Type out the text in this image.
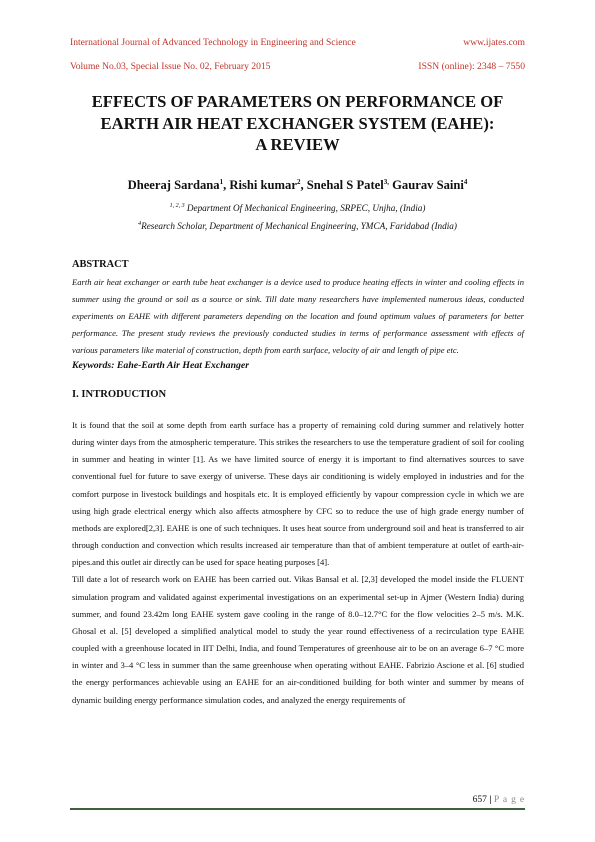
International Journal of Advanced Technology in Engineering and Science	www.ijates.com
Volume No.03, Special Issue No. 02, February 2015	ISSN (online): 2348 – 7550
EFFECTS OF PARAMETERS ON PERFORMANCE OF
EARTH AIR HEAT EXCHANGER SYSTEM (EAHE):
A REVIEW
Dheeraj Sardana$^1$, Rishi kumar$^2$, Snehal S Patel$^{3,}$ Gaurav Saini$^4$
$^{1, 2, 3}$ Department Of Mechanical Engineering, SRPEC, Unjha, (India)
$^4$Research Scholar, Department of Mechanical Engineering, YMCA, Faridabad (India)
ABSTRACT
Earth air heat exchanger or earth tube heat exchanger is a device used to produce heating effects in winter and cooling effects in summer using the ground or soil as a source or sink. Till date many researchers have implemented numerous ideas, conducted experiments on EAHE with different parameters depending on the location and found optimum values of parameters for better performance. The present study reviews the previously conducted studies in terms of performance assessment with effects of various parameters like material of construction, depth from earth surface, velocity of air and length of pipe etc.
Keywords: Eahe-Earth Air Heat Exchanger
I. INTRODUCTION

It is found that the soil at some depth from earth surface has a property of remaining cold during summer and relatively hotter during winter days from the atmospheric temperature. This strikes the researchers to use the temperature gradient of soil for cooling in summer and heating in winter [1]. As we have limited source of energy it is important to find alternatives sources to save conventional fuel for future to save exergy of universe. These days air conditioning is widely employed in industries and for the comfort purpose in livestock buildings and hospitals etc. It is employed efficiently by vapour compression cycle in which we are using high grade electrical energy which also affects atmosphere by CFC so to reduce the use of high grade energy number of methods are explored[2,3]. EAHE is one of such techniques. It uses heat source from underground soil and heat is transferred to air through conduction and convection which results increased air temperature than that of ambient temperature at outlet of earth-air-pipes.and this outlet air directly can be used for space heating purposes [4].

Till date a lot of research work on EAHE has been carried out. Vikas Bansal et al. [2,3] developed the model inside the FLUENT simulation program and validated against experimental investigations on an experimental set-up in Ajmer (Western India) during summer, and found 23.42m long EAHE system gave cooling in the range of 8.0–12.7°C for the flow velocities 2–5 m/s. M.K. Ghosal et al. [5] developed a simplified analytical model to study the year round effectiveness of a recirculation type EAHE coupled with a greenhouse located in IIT Delhi, India, and found Temperatures of greenhouse air to be on an average 6–7 °C more in winter and 3–4 °C less in summer than the same greenhouse when operating without EAHE. Fabrizio Ascione et al. [6] studied the energy performances achievable using an EAHE for an air-conditioned building for both winter and summer by means of dynamic building energy performance simulation codes, and analyzed the energy requirements of

657 | P a g e
